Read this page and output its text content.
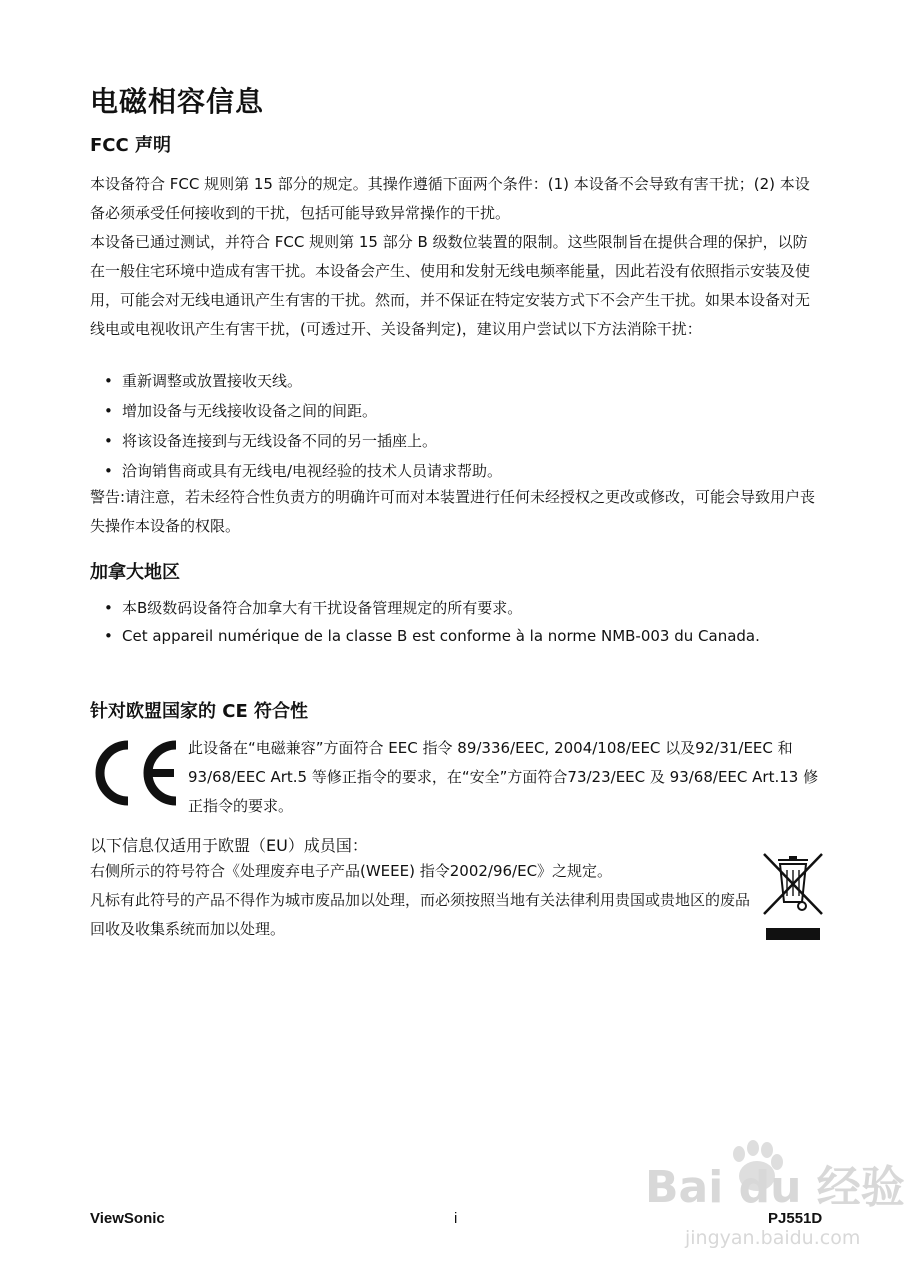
电磁相容信息
FCC 声明

本设备符合 FCC 规则第 15 部分的规定。其操作遵循下面两个条件：(1) 本设备不会导致有害干扰；(2) 本设备必须承受任何接收到的干扰，包括可能导致异常操作的干扰。

本设备已通过测试，并符合 FCC 规则第 15 部分 B 级数位装置的限制。这些限制旨在提供合理的保护，以防在一般住宅环境中造成有害干扰。本设备会产生、使用和发射无线电频率能量，因此若没有依照指示安装及使用，可能会对无线电通讯产生有害的干扰。然而，并不保证在特定安装方式下不会产生干扰。如果本设备对无线电或电视收讯产生有害干扰，(可透过开、关设备判定)，建议用户尝试以下方法消除干扰：

• 重新调整或放置接收天线。
• 增加设备与无线接收设备之间的间距。
• 将该设备连接到与无线设备不同的另一插座上。
• 洽询销售商或具有无线电/电视经验的技术人员请求帮助。

警告:请注意，若未经符合性负责方的明确许可而对本装置进行任何未经授权之更改或修改，可能会导致用户丧失操作本设备的权限。

加拿大地区
• 本B级数码设备符合加拿大有干扰设备管理规定的所有要求。
• Cet appareil numérique de la classe B est conforme à la norme NMB-003 du Canada.
针对欧盟国家的 CE 符合性

此设备在“电磁兼容”方面符合 EEC 指令 89/336/EEC, 2004/108/EEC 以及92/31/EEC 和 93/68/EEC Art.5 等修正指令的要求，在“安全”方面符合73/23/EEC 及 93/68/EEC Art.13 修正指令的要求。

以下信息仅适用于欧盟（EU）成员国：

右侧所示的符号符合《处理废弃电子产品(WEEE) 指令2002/96/EC》之规定。

凡标有此符号的产品不得作为城市废品加以处理，而必须按照当地有关法律利用贵国或贵地区的废品回收及收集系统而加以处理。

Bai du 经验
jingyan.baidu.com
ViewSonic	i	PJ551D
